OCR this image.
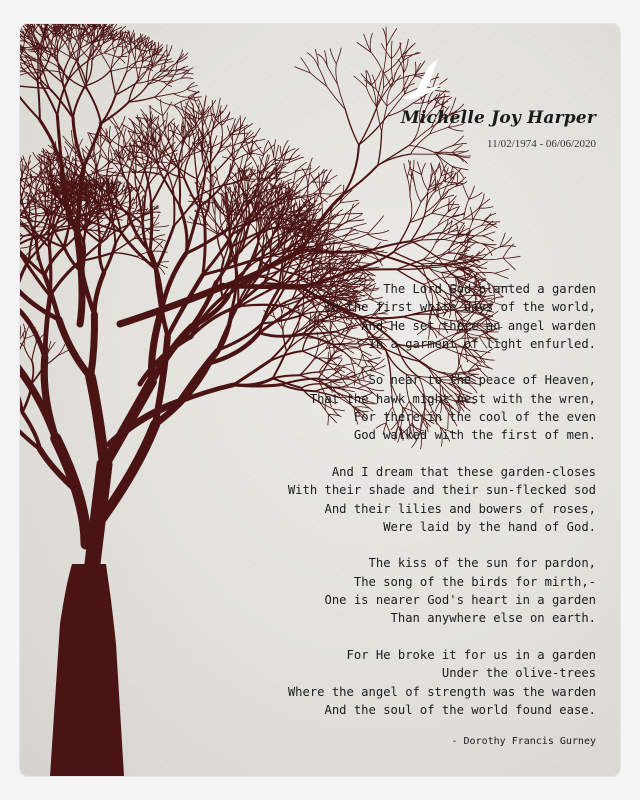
Michelle Joy Harper
11/02/1974 - 06/06/2020
The Lord God planted a garden
In the first white days of the world,
And He set there an angel warden
In a garment of light enfurled.
So near to the peace of Heaven,
That the hawk might nest with the wren,
For there in the cool of the even
God walked with the first of men.
And I dream that these garden-closes
With their shade and their sun-flecked sod
And their lilies and bowers of roses,
Were laid by the hand of God.
The kiss of the sun for pardon,
The song of the birds for mirth,-
One is nearer God's heart in a garden
Than anywhere else on earth.
For He broke it for us in a garden
Under the olive-trees
Where the angel of strength was the warden
And the soul of the world found ease.
- Dorothy Francis Gurney
